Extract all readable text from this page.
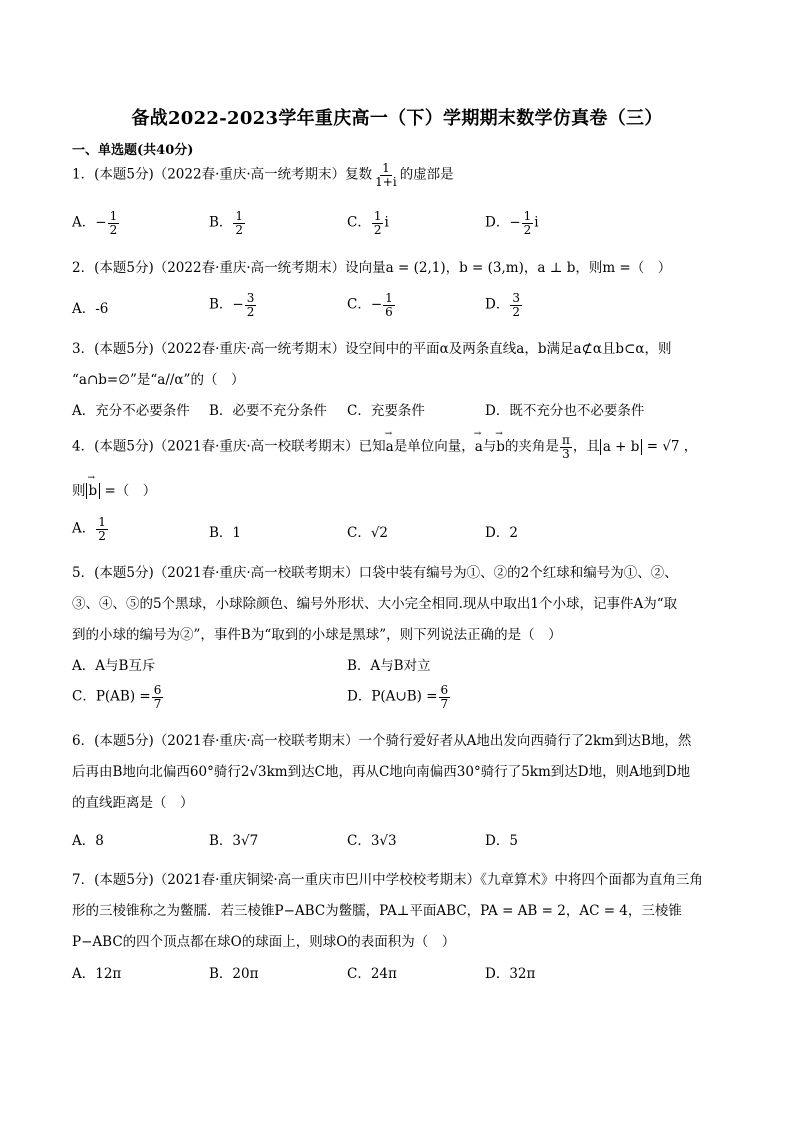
备战2022-2023学年重庆高一（下）学期期末数学仿真卷（三）
一、单选题(共40分)
1．(本题5分)（2022春·重庆·高一统考期末）复数 $\frac{1}{1+i}$ 的虚部是
A．− $\frac{1}{2}$	B． $\frac{1}{2}$	C． $\frac{1}{2}$ i	D．− $\frac{1}{2}$ i
2．(本题5分)（2022春·重庆·高一统考期末）设向量a = (2,1)，b = (3,m)，a ⊥ b，则m =（　）
A．-6	B．− $\frac{3}{2}$	C．− $\frac{1}{6}$	D． $\frac{3}{2}$
3．(本题5分)（2022春·重庆·高一统考期末）设空间中的平面α及两条直线a，b满足a⊄α且b⊂α，则
“a∩b=∅”是“a//α”的（　）
A．充分不必要条件 B．必要不充分条件 C．充要条件	D．既不充分也不必要条件
4．(本题5分)（2021春·重庆·高一校联考期末）已知→ a是单位向量，→ a与→ b的夹角是 $\frac{\pi}{3}$ ，且 a + b = √7 ，
则→ b =（　）
A． $\frac{1}{2}$	B．1	C．√2	D．2
5．(本题5分)（2021春·重庆·高一校联考期末）口袋中装有编号为①、②的2个红球和编号为①、②、
③、④、⑤的5个黑球，小球除颜色、编号外形状、大小完全相同.现从中取出1个小球，记事件A为“取
到的小球的编号为②”，事件B为“取到的小球是黑球”，则下列说法正确的是（　）
A．A与B互斥	B．A与B对立
C．$P(AB) = \frac{6}{7}$	D．P(A∪B) = $\frac{6}{7}$
6．(本题5分)（2021春·重庆·高一校联考期末）一个骑行爱好者从A地出发向西骑行了2km到达B地，然
后再由B地向北偏西60°骑行2√3km到达C地，再从C地向南偏西30°骑行了5km到达D地，则A地到D地
的直线距离是（　）
A．8	B．3√7	C．3√3	D．5
7．(本题5分)（2021春·重庆铜梁·高一重庆市巴川中学校校考期末）《九章算术》中将四个面都为直角三角
形的三棱锥称之为鳖臑．若三棱锥P−ABC为鳖臑，PA⊥平面ABC，PA = AB = 2，AC = 4，三棱锥
P−ABC的四个顶点都在球O的球面上，则球O的表面积为（　）
A．12π	B．20π	C．24π	D．32π
